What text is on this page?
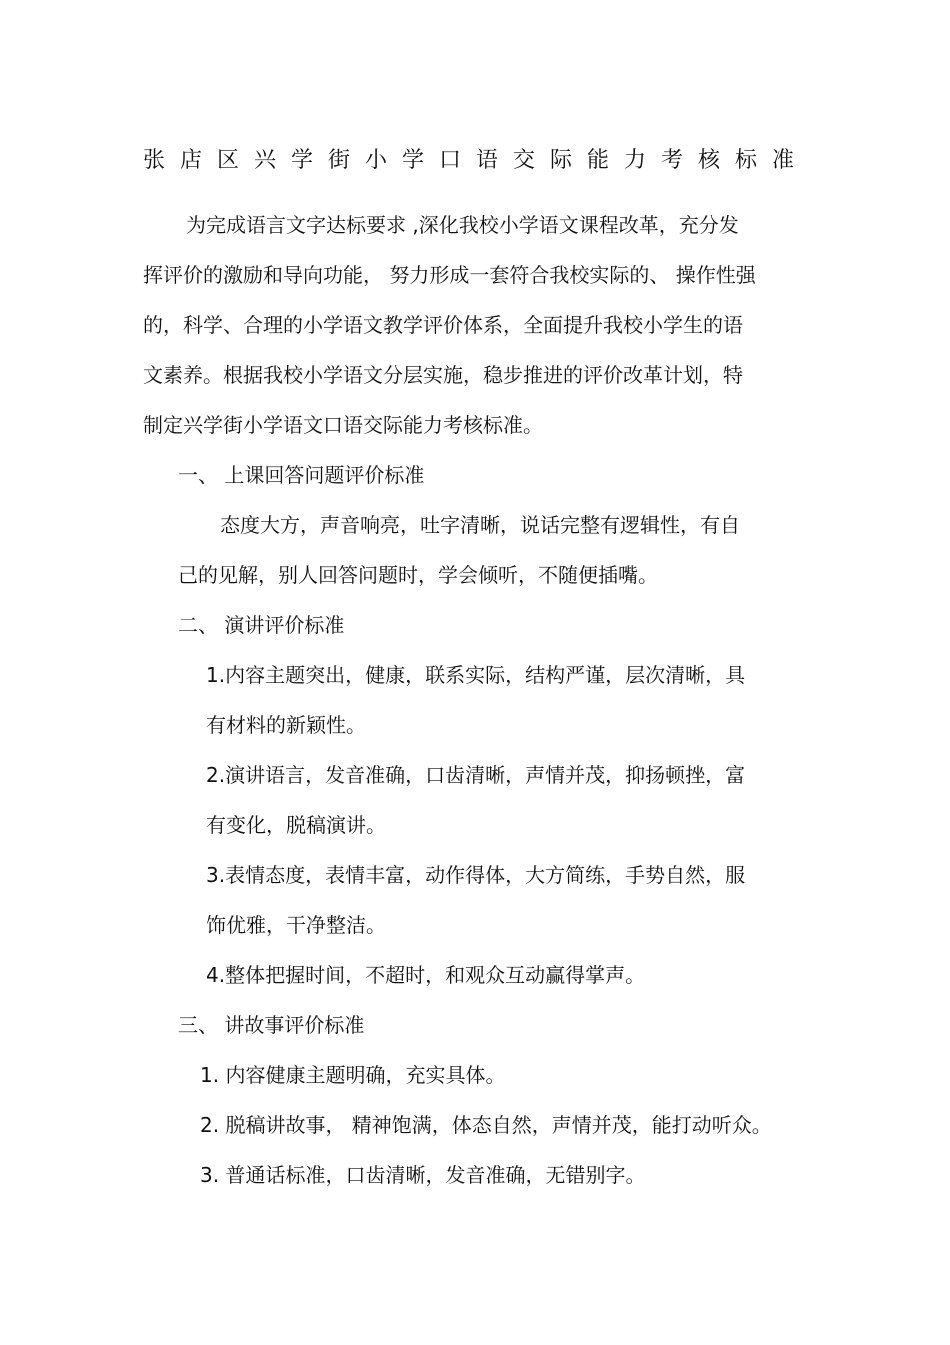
张店区兴学街小学口语交际能力考核标准
为完成语言文字达标要求 ,深化我校小学语文课程改革，充分发
挥评价的激励和导向功能， 努力形成一套符合我校实际的、 操作性强
的，科学、合理的小学语文教学评价体系，全面提升我校小学生的语
文素养。根据我校小学语文分层实施，稳步推进的评价改革计划，特
制定兴学街小学语文口语交际能力考核标准。
一、 上课回答问题评价标准
态度大方，声音响亮，吐字清晰，说话完整有逻辑性，有自
己的见解，别人回答问题时，学会倾听，不随便插嘴。
二、 演讲评价标准
1.内容主题突出，健康，联系实际，结构严谨，层次清晰，具
有材料的新颖性。
2.演讲语言，发音准确，口齿清晰，声情并茂，抑扬顿挫，富
有变化，脱稿演讲。
3.表情态度，表情丰富，动作得体，大方简练，手势自然，服
饰优雅，干净整洁。
4.整体把握时间，不超时，和观众互动赢得掌声。
三、 讲故事评价标准
1. 内容健康主题明确，充实具体。
2. 脱稿讲故事， 精神饱满，体态自然，声情并茂，能打动听众。
3. 普通话标准，口齿清晰，发音准确，无错别字。
